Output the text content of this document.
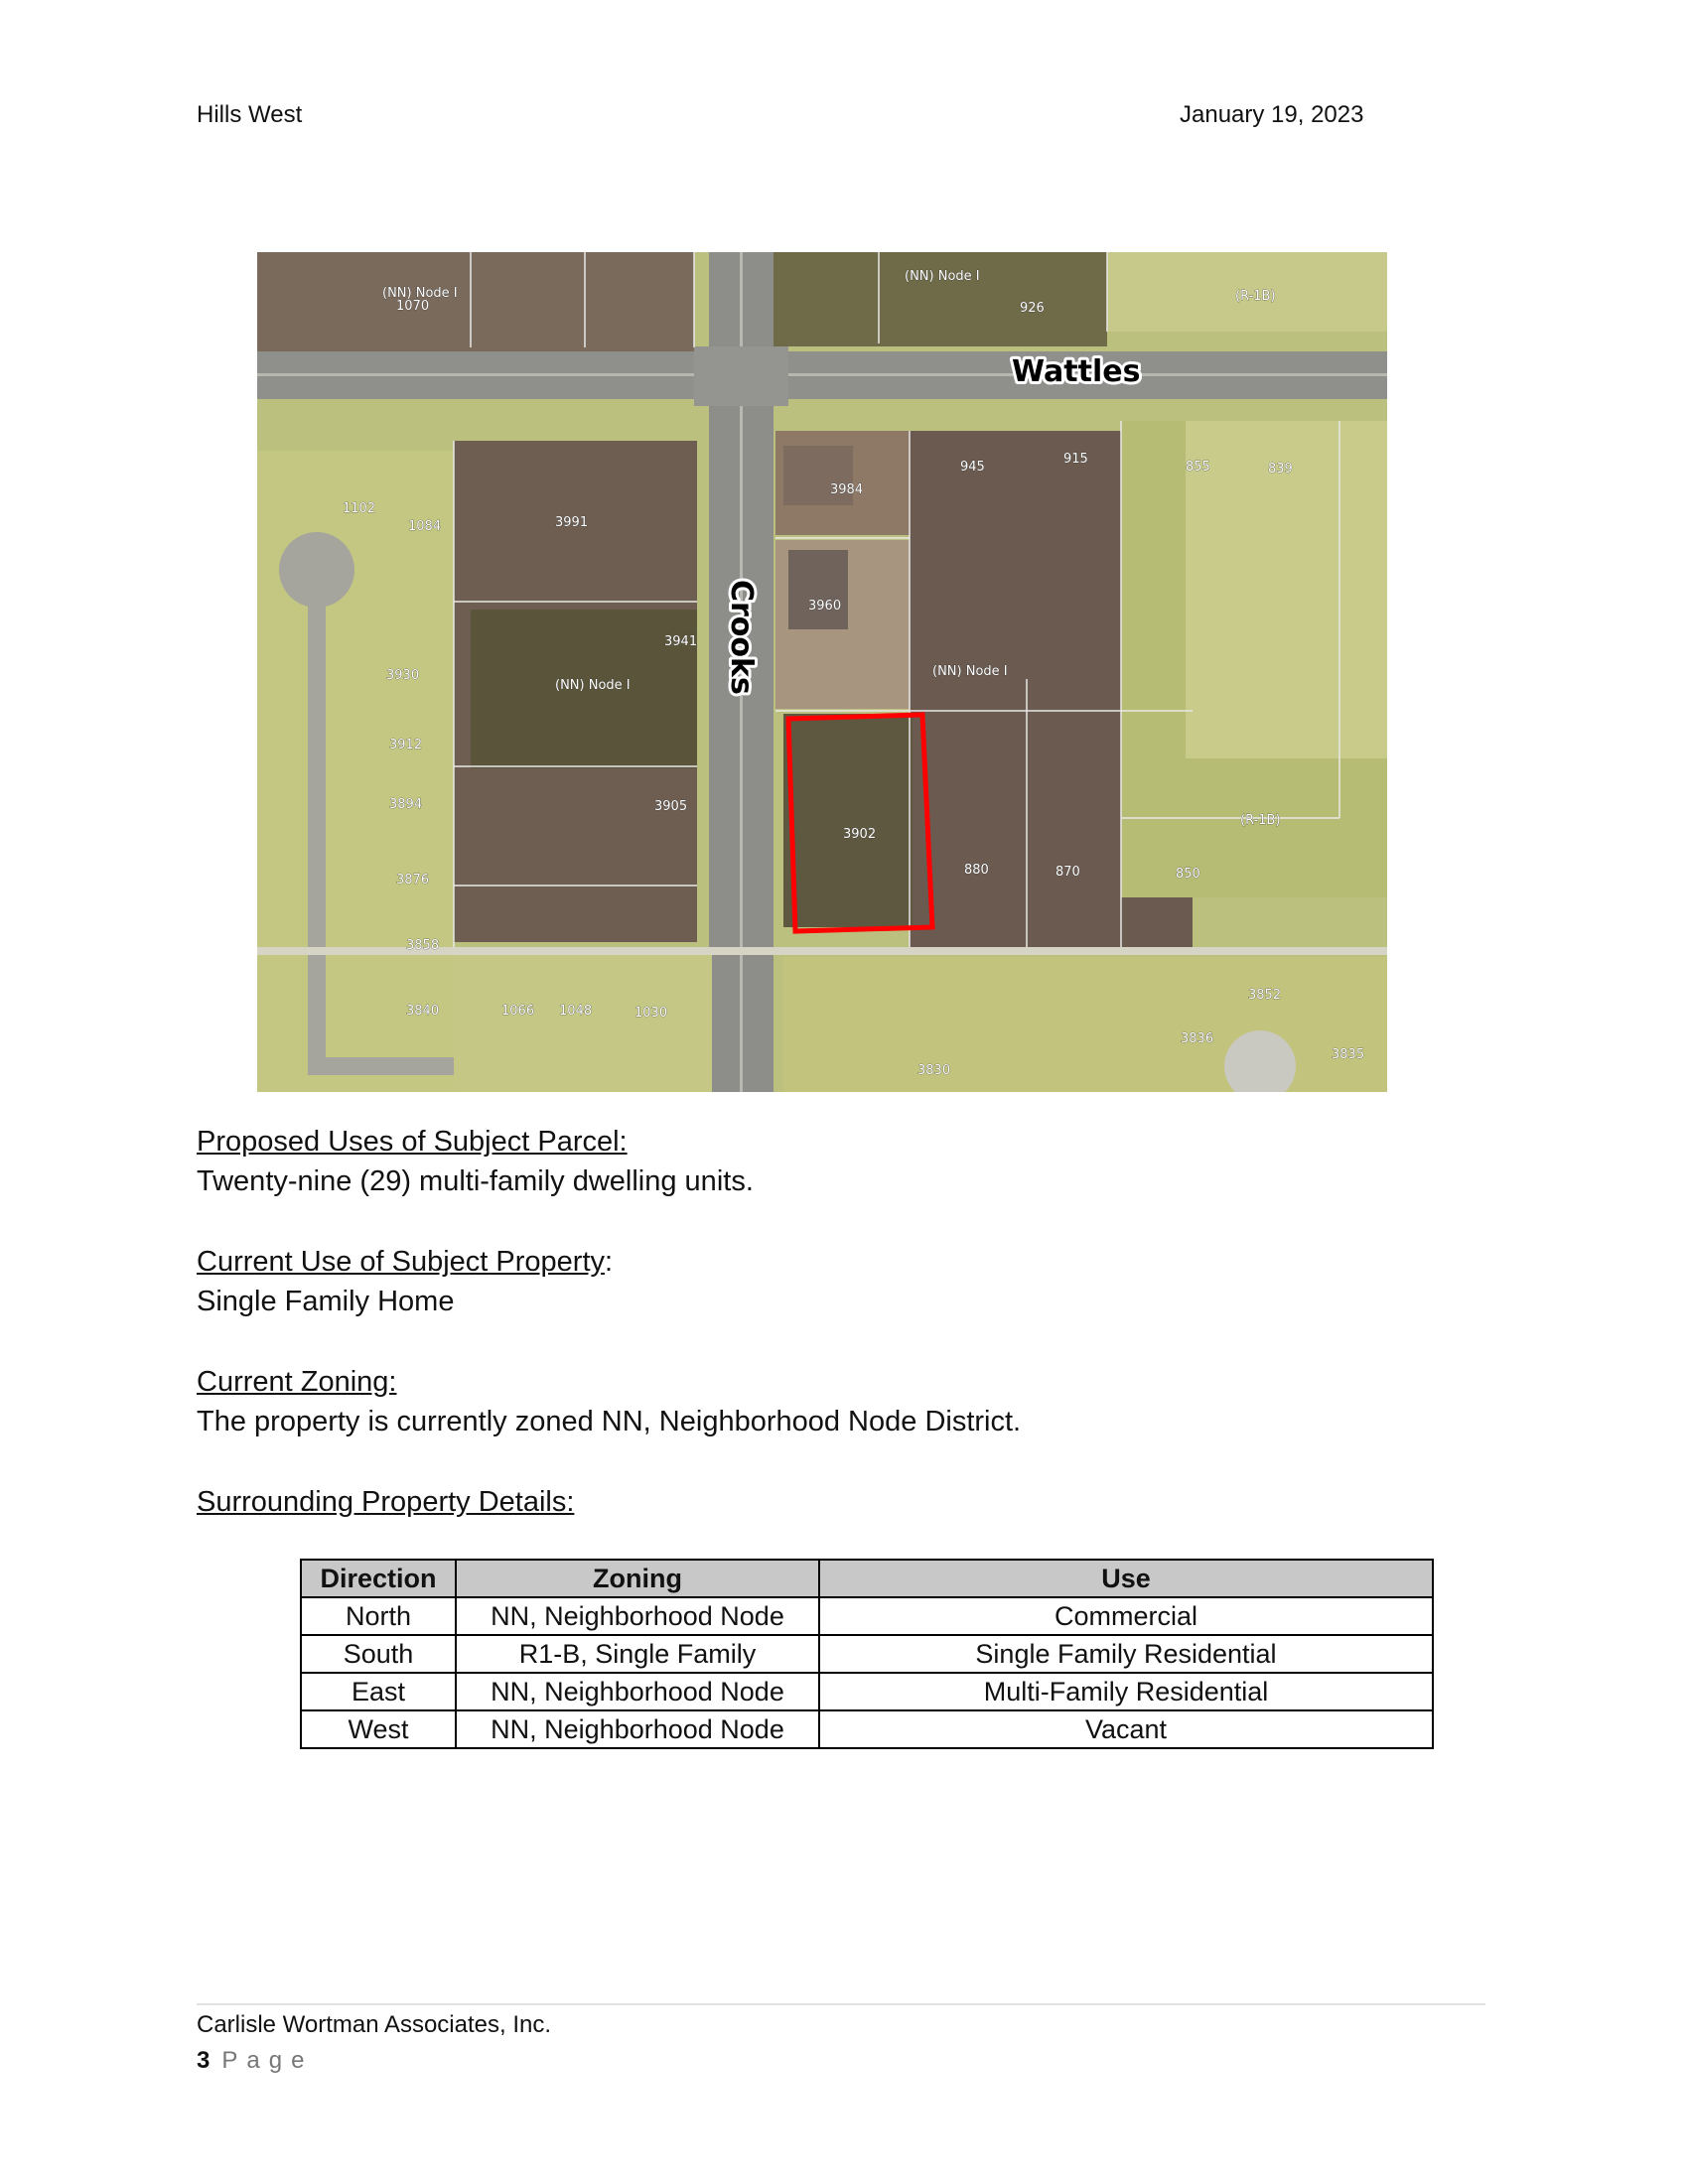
Hills West	January 19, 2023
(NN) Node I
(NN) Node I
(R-1B)
(NN) Node I
(NN) Node I
(R-1B)
1070	926
3984
945
915
855	839
1102
1084	3991
3960
3941
3930
3912
3894	3905
3902
880	870	850
3876
3858
3840	1066 1048	1030
3852
3836
3835
3830
Wattles
Crooks
Proposed Uses of Subject Parcel:
Twenty-nine (29) multi-family dwelling units.
Current Use of Subject Property:
Single Family Home
Current Zoning:
The property is currently zoned NN, Neighborhood Node District.
Surrounding Property Details:
Direction	Zoning	Use
North	NN, Neighborhood Node	Commercial
South	R1-B, Single Family	Single Family Residential
East	NN, Neighborhood Node	Multi-Family Residential
West	NN, Neighborhood Node	Vacant
Carlisle Wortman Associates, Inc.
3 Page
